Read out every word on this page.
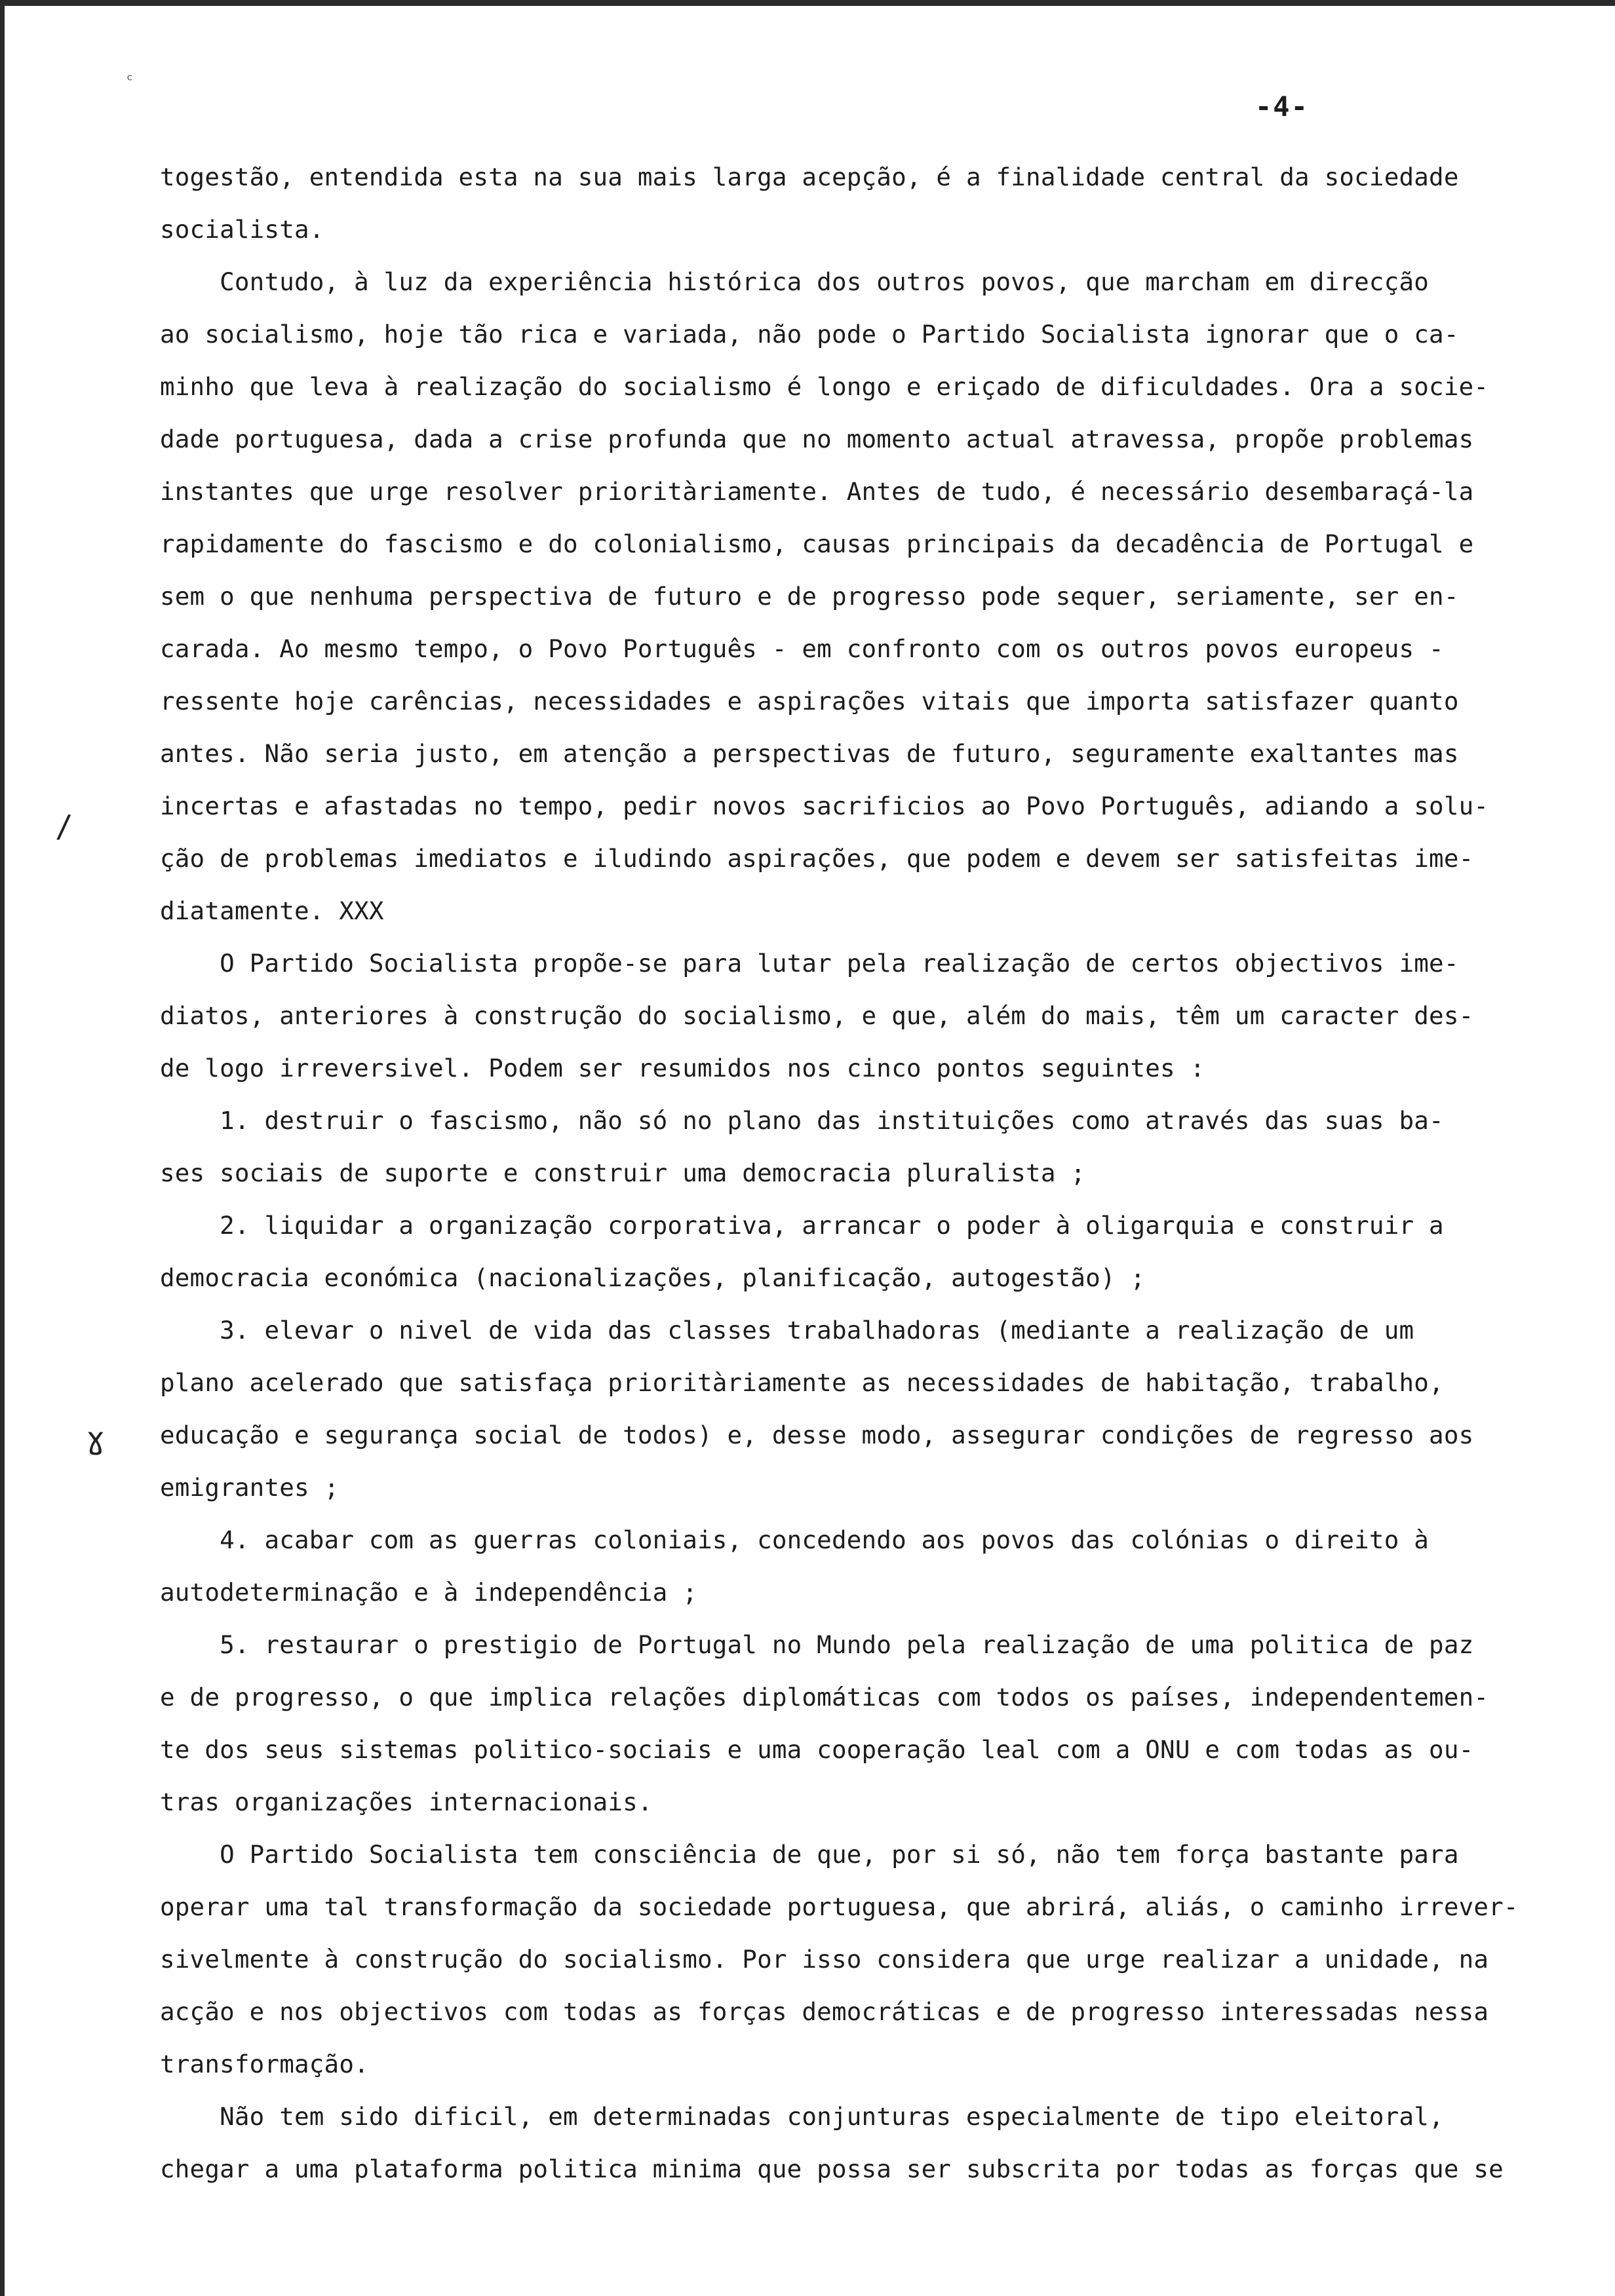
ᶜ
-4-
togestão, entendida esta na sua mais larga acepção, é a finalidade central da sociedade
socialista.
Contudo, à luz da experiência histórica dos outros povos, que marcham em direcção
ao socialismo, hoje tão rica e variada, não pode o Partido Socialista ignorar que o ca-
minho que leva à realização do socialismo é longo e eriçado de dificuldades. Ora a socie-
dade portuguesa, dada a crise profunda que no momento actual atravessa, propõe problemas
instantes que urge resolver prioritàriamente. Antes de tudo, é necessário desembaraçá-la
rapidamente do fascismo e do colonialismo, causas principais da decadência de Portugal e
sem o que nenhuma perspectiva de futuro e de progresso pode sequer, seriamente, ser en-
carada. Ao mesmo tempo, o Povo Português - em confronto com os outros povos europeus -
ressente hoje carências, necessidades e aspirações vitais que importa satisfazer quanto
antes. Não seria justo, em atenção a perspectivas de futuro, seguramente exaltantes mas
incertas e afastadas no tempo, pedir novos sacrificios ao Povo Português, adiando a solu-
ção de problemas imediatos e iludindo aspirações, que podem e devem ser satisfeitas ime-
diatamente. XXX
O Partido Socialista propõe-se para lutar pela realização de certos objectivos ime-
diatos, anteriores à construção do socialismo, e que, além do mais, têm um caracter des-
de logo irreversivel. Podem ser resumidos nos cinco pontos seguintes :
1. destruir o fascismo, não só no plano das instituições como através das suas ba-
ses sociais de suporte e construir uma democracia pluralista ;
2. liquidar a organização corporativa, arrancar o poder à oligarquia e construir a
democracia económica (nacionalizações, planificação, autogestão) ;
3. elevar o nivel de vida das classes trabalhadoras (mediante a realização de um
plano acelerado que satisfaça prioritàriamente as necessidades de habitação, trabalho,
educação e segurança social de todos) e, desse modo, assegurar condições de regresso aos
emigrantes ;
4. acabar com as guerras coloniais, concedendo aos povos das colónias o direito à
autodeterminação e à independência ;
5. restaurar o prestigio de Portugal no Mundo pela realização de uma politica de paz
e de progresso, o que implica relações diplomáticas com todos os países, independentemen-
te dos seus sistemas politico-sociais e uma cooperação leal com a ONU e com todas as ou-
tras organizações internacionais.
O Partido Socialista tem consciência de que, por si só, não tem força bastante para
operar uma tal transformação da sociedade portuguesa, que abrirá, aliás, o caminho irrever-
sivelmente à construção do socialismo. Por isso considera que urge realizar a unidade, na
acção e nos objectivos com todas as forças democráticas e de progresso interessadas nessa
transformação.
Não tem sido dificil, em determinadas conjunturas especialmente de tipo eleitoral,
chegar a uma plataforma politica minima que possa ser subscrita por todas as forças que se
/
ɣ
